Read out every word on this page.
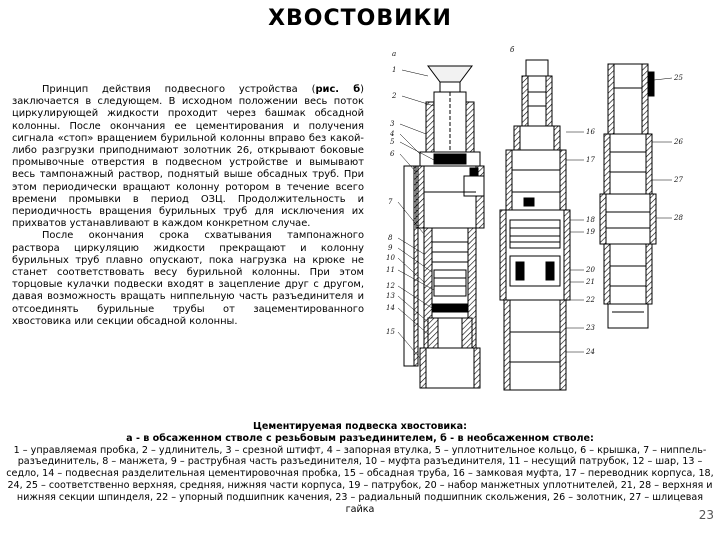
ХВОСТОВИКИ

Принцип действия подвесного устройства (рис. б) заключается в следующем. В исходном положении весь поток циркулирующей жидкости проходит через башмак обсадной колонны. После окончания ее цементирования и получения сигнала «стоп» вращением бурильной колонны вправо без какой-либо разгрузки приподнимают золотник 26, открывают боковые промывочные отверстия в подвесном устройстве и вымывают весь тампонажный раствор, поднятый выше обсадных труб. При этом периодически вращают колонну ротором в течение всего времени промывки в период ОЗЦ. Продолжительность и периодичность вращения бурильных труб для исключения их прихватов устанавливают в каждом конкретном случае.

После окончания срока схватывания тампонажного раствора циркуляцию жидкости прекращают и колонну бурильных труб плавно опускают, пока нагрузка на крюке не станет соответствовать весу бурильной колонны. При этом торцовые кулачки подвески входят в зацепление друг с другом, давая возможность вращать ниппельную часть разъединителя и отсоединять бурильные трубы от зацементированного хвостовика или секции обсадной колонны.

а	б
1
2
3
4
5
6
7
8
9
10
11
12
13
14
15
16
17
18
19
20
21
22
23
24
25
26
27
28
Цементируемая подвеска хвостовика:
а - в обсаженном стволе с резьбовым разъединителем, б - в необсаженном стволе:
1 – управляемая пробка, 2 – удлинитель, 3 – срезной штифт, 4 – запорная втулка, 5 – уплотнительное кольцо, 6 – крышка, 7 – ниппель-разъединитель, 8 – манжета, 9 – раструбная часть разъединителя, 10 – муфта разъединителя, 11 – несущий патрубок, 12 – шар, 13 – седло, 14 – подвесная разделительная цементировочная пробка, 15 – обсадная труба, 16 – замковая муфта, 17 – переводник корпуса, 18, 24, 25 – соответственно верхняя, средняя, нижняя части корпуса, 19 – патрубок, 20 – набор манжетных уплотнителей, 21, 28 – верхняя и нижняя секции шпинделя, 22 – упорный подшипник качения, 23 – радиальный подшипник скольжения, 26 – золотник, 27 – шлицевая гайка	23
